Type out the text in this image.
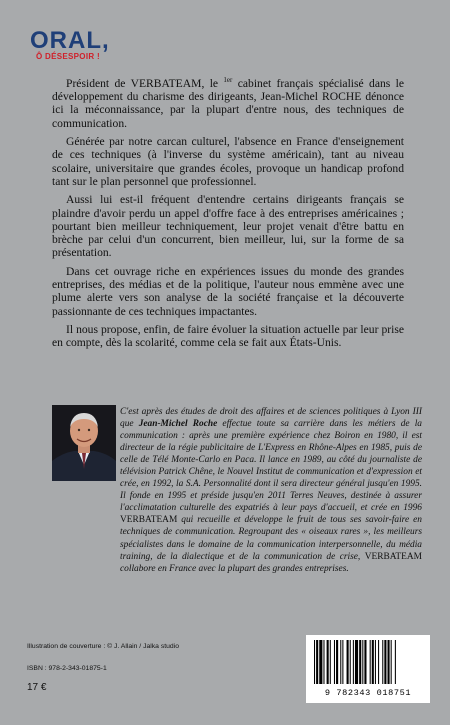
ORAL,
Ô DÉSESPOIR !

Président de VERBATEAM, le $^{1er}$ cabinet français spécialisé dans le développement du charisme des dirigeants, Jean-Michel ROCHE dénonce ici la méconnaissance, par la plupart d'entre nous, des techniques de communication.

Générée par notre carcan culturel, l'absence en France d'enseignement de ces techniques (à l'inverse du système américain), tant au niveau scolaire, universitaire que grandes écoles, provoque un handicap profond tant sur le plan personnel que professionnel.

Aussi lui est-il fréquent d'entendre certains dirigeants français se plaindre d'avoir perdu un appel d'offre face à des entreprises américaines ; pourtant bien meilleur techniquement, leur projet venait d'être battu en brèche par celui d'un concurrent, bien meilleur, lui, sur la forme de sa présentation.

Dans cet ouvrage riche en expériences issues du monde des grandes entreprises, des médias et de la politique, l'auteur nous emmène avec une plume alerte vers son analyse de la société française et la découverte passionnante de ces techniques impactantes.

Il nous propose, enfin, de faire évoluer la situation actuelle par leur prise en compte, dès la scolarité, comme cela se fait aux États-Unis.

C'est après des études de droit des affaires et de sciences politiques à Lyon III que Jean-Michel Roche effectue toute sa carrière dans les métiers de la communication : après une première expérience chez Boiron en 1980, il est directeur de la régie publicitaire de L'Express en Rhône-Alpes en 1985, puis de celle de Télé Monte-Carlo en Paca. Il lance en 1989, au côté du journaliste de télévision Patrick Chêne, le Nouvel Institut de communication et d'expression et crée, en 1992, la S.A. Personnalité dont il sera directeur général jusqu'en 1995. Il fonde en 1995 et préside jusqu'en 2011 Terres Neuves, destinée à assurer l'acclimatation culturelle des expatriés à leur pays d'accueil, et crée en 1996 VERBATEAM qui recueille et développe le fruit de tous ses savoir-faire en techniques de communication. Regroupant des « oiseaux rares », les meilleurs spécialistes dans le domaine de la communication interpersonnelle, du média training, de la dialectique et de la communication de crise, VERBATEAM collabore en France avec la plupart des grandes entreprises.
Illustration de couverture : © J. Allain / Jalka studio
ISBN : 978-2-343-01875-1
17 €	9 782343 018751
